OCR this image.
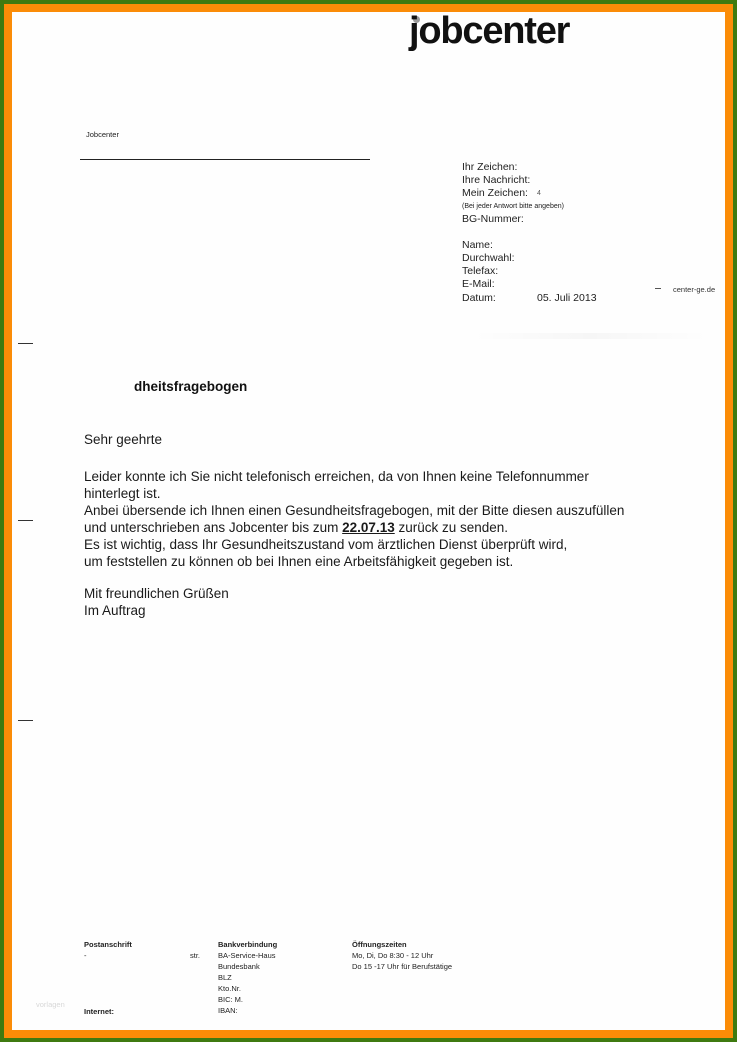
jobcenter
Jobcenter
Ihr Zeichen:
Ihre Nachricht:
Mein Zeichen:
(Bei jeder Antwort bitte angeben)
BG-Nummer:
Name:
Durchwahl:
Telefax:
E-Mail:
Datum:	05. Juli 2013
4
center-ge.de
dheitsfragebogen
Sehr geehrte

Leider konnte ich Sie nicht telefonisch erreichen, da von Ihnen keine Telefonnummer

hinterlegt ist.

Anbei übersende ich Ihnen einen Gesundheitsfragebogen, mit der Bitte diesen auszufüllen

und unterschrieben ans Jobcenter bis zum 22.07.13 zurück zu senden.

Es ist wichtig, dass Ihr Gesundheitszustand vom ärztlichen Dienst überprüft wird,

um feststellen zu können ob bei Ihnen eine Arbeitsfähigkeit gegeben ist.

Mit freundlichen Grüßen
Im Auftrag
Postanschrift
-	str.
Bankverbindung
BA-Service-Haus
Bundesbank
BLZ
Kto.Nr.
BIC: M.
IBAN:
Öffnungszeiten
Mo, Di, Do 8:30 - 12 Uhr
Do 15 -17 Uhr für Berufstätige
Internet:
vorlagen
